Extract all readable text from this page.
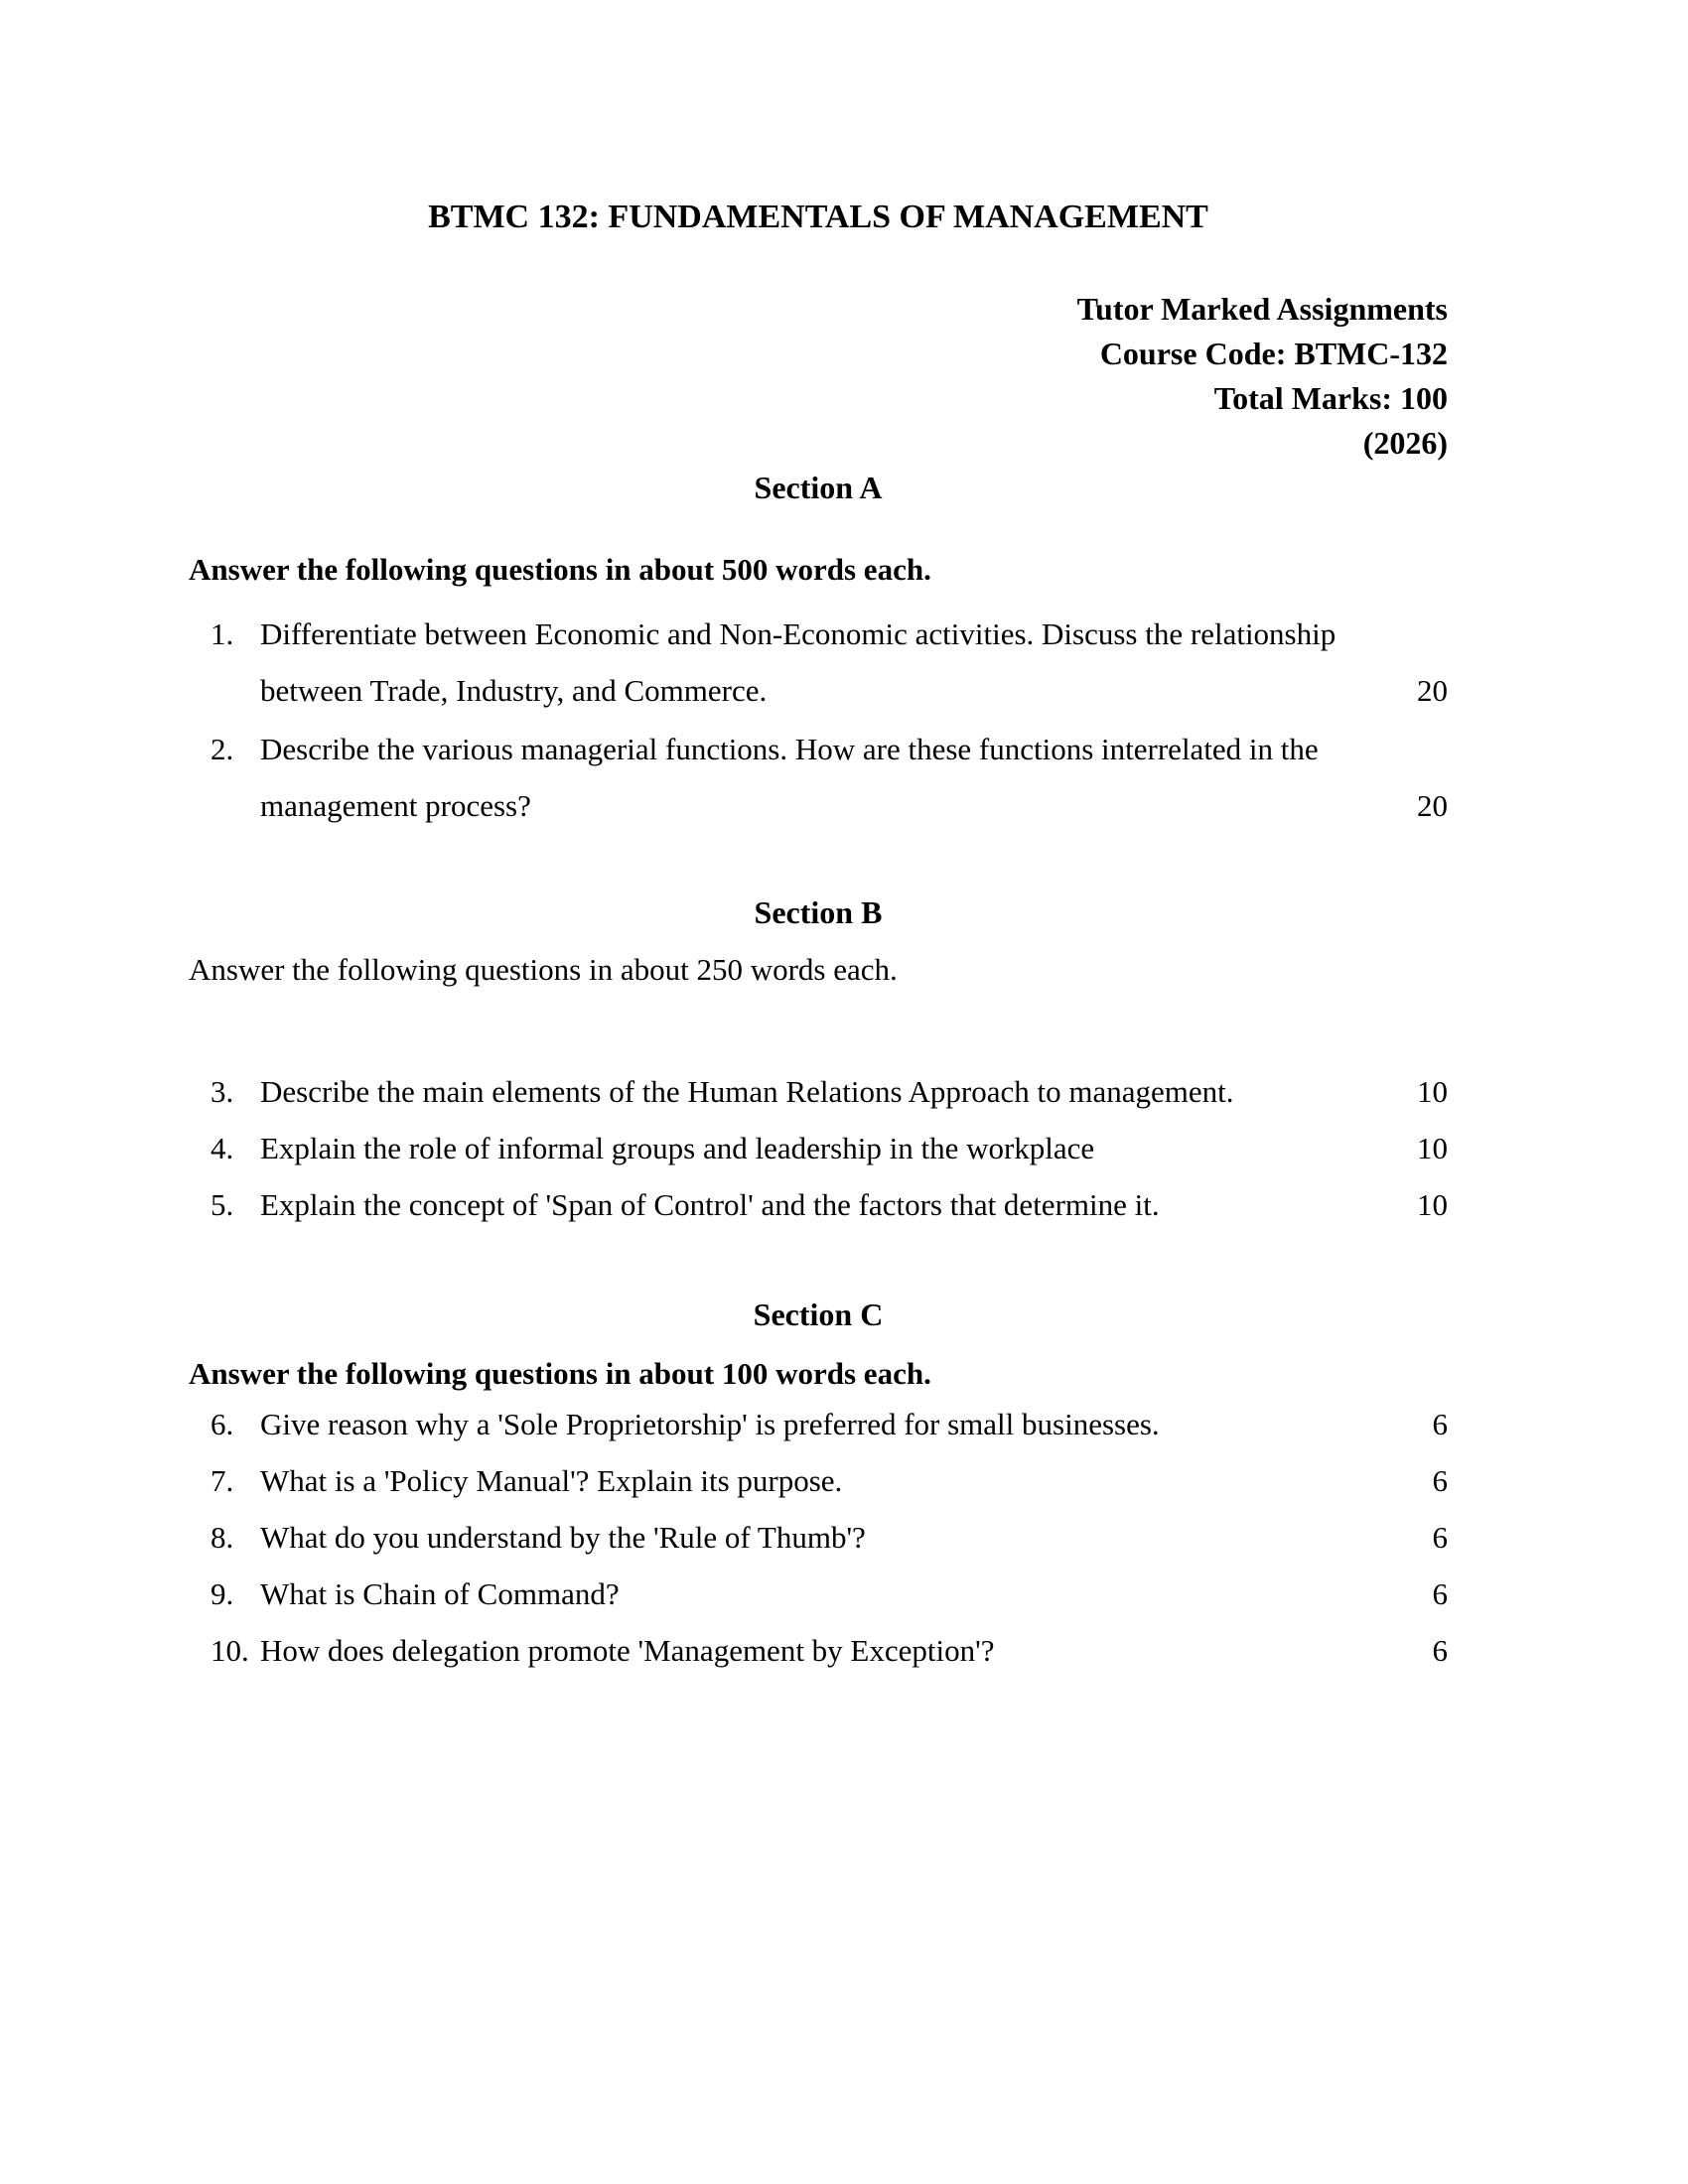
BTMC 132: FUNDAMENTALS OF MANAGEMENT
Tutor Marked Assignments
Course Code: BTMC-132
Total Marks: 100
(2026)
Section A

Answer the following questions in about 500 words each.

1. Differentiate between Economic and Non-Economic activities. Discuss the relationship
between Trade, Industry, and Commerce.	20
2. Describe the various managerial functions. How are these functions interrelated in the
management process?	20
Section B

Answer the following questions in about 250 words each.

3. Describe the main elements of the Human Relations Approach to management.	10
4. Explain the role of informal groups and leadership in the workplace	10
5. Explain the concept of 'Span of Control' and the factors that determine it.	10
Section C

Answer the following questions in about 100 words each.

6. Give reason why a 'Sole Proprietorship' is preferred for small businesses.	6
7. What is a 'Policy Manual'? Explain its purpose.	6
8. What do you understand by the 'Rule of Thumb'?	6
9. What is Chain of Command?	6
10. How does delegation promote 'Management by Exception'?	6
